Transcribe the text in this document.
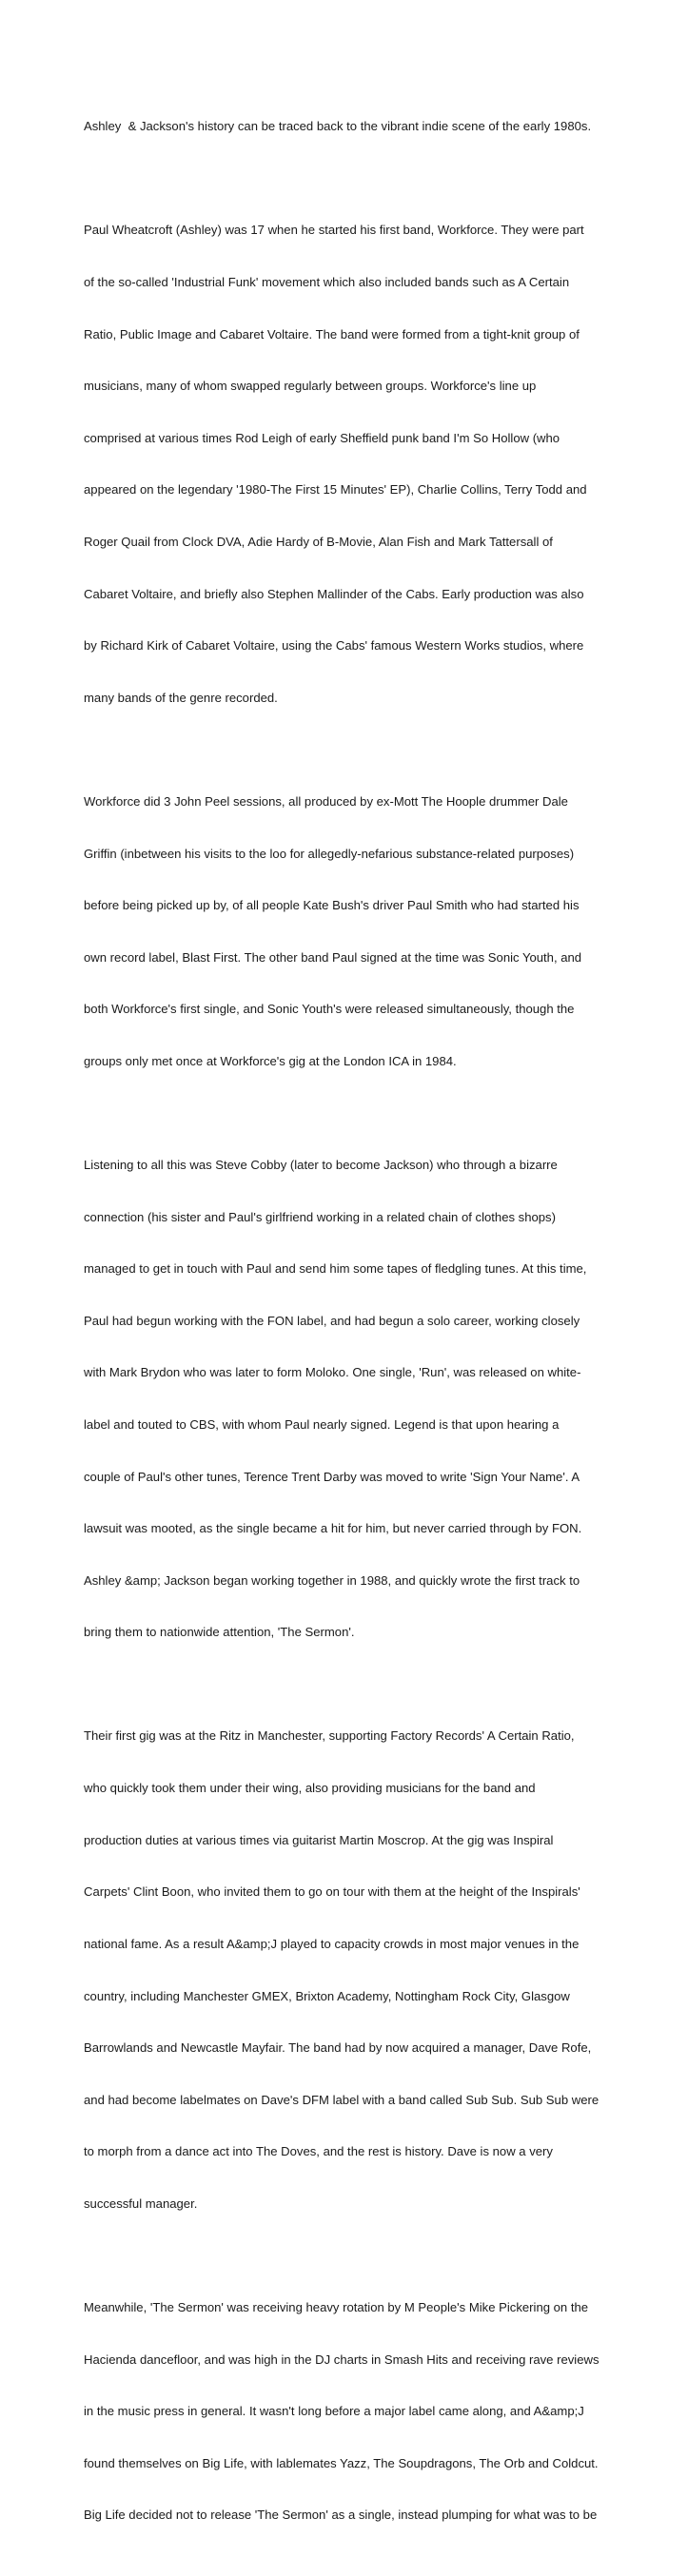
Ashley  & Jackson's history can be traced back to the vibrant indie scene of the early 1980s.

Paul Wheatcroft (Ashley) was 17 when he started his first band, Workforce. They were part

of the so-called 'Industrial Funk' movement which also included bands such as A Certain

Ratio, Public Image and Cabaret Voltaire. The band were formed from a tight-knit group of

musicians, many of whom swapped regularly between groups. Workforce's line up

comprised at various times Rod Leigh of early Sheffield punk band I'm So Hollow (who

appeared on the legendary '1980-The First 15 Minutes' EP), Charlie Collins, Terry Todd and

Roger Quail from Clock DVA, Adie Hardy of B-Movie, Alan Fish and Mark Tattersall of

Cabaret Voltaire, and briefly also Stephen Mallinder of the Cabs. Early production was also

by Richard Kirk of Cabaret Voltaire, using the Cabs' famous Western Works studios, where

many bands of the genre recorded.

Workforce did 3 John Peel sessions, all produced by ex-Mott The Hoople drummer Dale

Griffin (inbetween his visits to the loo for allegedly-nefarious substance-related purposes)

before being picked up by, of all people Kate Bush's driver Paul Smith who had started his

own record label, Blast First. The other band Paul signed at the time was Sonic Youth, and

both Workforce's first single, and Sonic Youth's were released simultaneously, though the

groups only met once at Workforce's gig at the London ICA in 1984.

Listening to all this was Steve Cobby (later to become Jackson) who through a bizarre

connection (his sister and Paul's girlfriend working in a related chain of clothes shops)

managed to get in touch with Paul and send him some tapes of fledgling tunes. At this time,

Paul had begun working with the FON label, and had begun a solo career, working closely

with Mark Brydon who was later to form Moloko. One single, 'Run', was released on white-

label and touted to CBS, with whom Paul nearly signed. Legend is that upon hearing a

couple of Paul's other tunes, Terence Trent Darby was moved to write 'Sign Your Name'. A

lawsuit was mooted, as the single became a hit for him, but never carried through by FON.

Ashley &amp; Jackson began working together in 1988, and quickly wrote the first track to

bring them to nationwide attention, 'The Sermon'.

Their first gig was at the Ritz in Manchester, supporting Factory Records' A Certain Ratio,

who quickly took them under their wing, also providing musicians for the band and

production duties at various times via guitarist Martin Moscrop. At the gig was Inspiral

Carpets' Clint Boon, who invited them to go on tour with them at the height of the Inspirals'

national fame. As a result A&amp;J played to capacity crowds in most major venues in the

country, including Manchester GMEX, Brixton Academy, Nottingham Rock City, Glasgow

Barrowlands and Newcastle Mayfair. The band had by now acquired a manager, Dave Rofe,

and had become labelmates on Dave's DFM label with a band called Sub Sub. Sub Sub were

to morph from a dance act into The Doves, and the rest is history. Dave is now a very

successful manager.

Meanwhile, 'The Sermon' was receiving heavy rotation by M People's Mike Pickering on the

Hacienda dancefloor, and was high in the DJ charts in Smash Hits and receiving rave reviews

in the music press in general. It wasn't long before a major label came along, and A&amp;J

found themselves on Big Life, with lablemates Yazz, The Soupdragons, The Orb and Coldcut.

Big Life decided not to release 'The Sermon' as a single, instead plumping for what was to be
